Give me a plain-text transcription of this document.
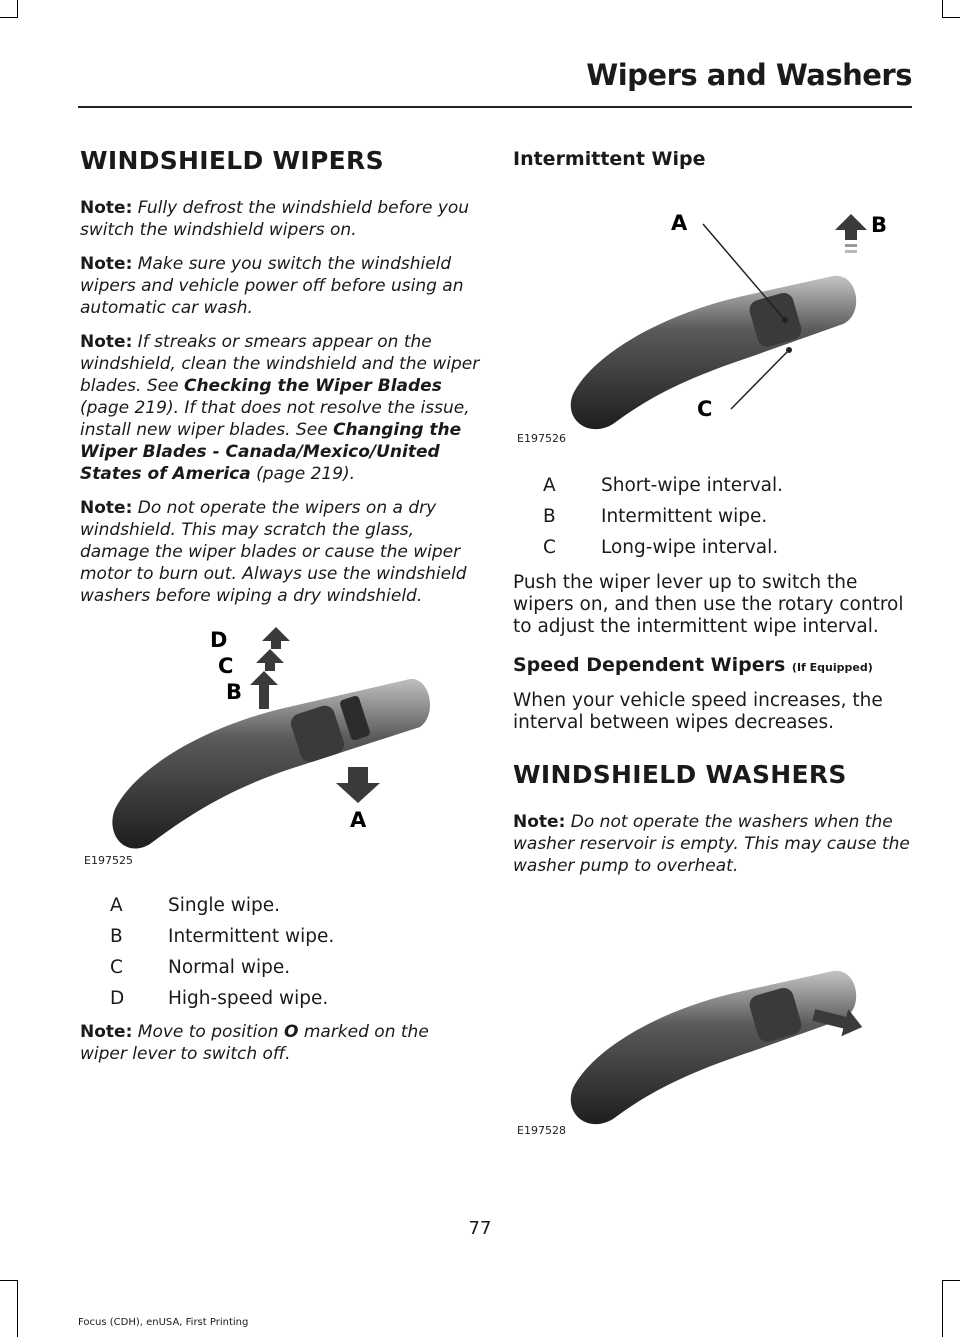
Wipers and Washers
WINDSHIELD WIPERS

Note: Fully defrost the windshield before you switch the windshield wipers on.

Note: Make sure you switch the windshield wipers and vehicle power off before using an automatic car wash.

Note: If streaks or smears appear on the windshield, clean the windshield and the wiper blades. See Checking the Wiper Blades (page 219). If that does not resolve the issue, install new wiper blades. See Changing the Wiper Blades - Canada/Mexico/United States of America (page 219).

Note: Do not operate the wipers on a dry windshield. This may scratch the glass, damage the wiper blades or cause the wiper motor to burn out. Always use the windshield washers before wiping a dry windshield.

D
C
B
A
E197525
A	Single wipe.
B	Intermittent wipe.
C	Normal wipe.
D	High-speed wipe.

Note: Move to position O marked on the wiper lever to switch off.

Intermittent Wipe
A	B
C
E197526
A	Short-wipe interval.
B	Intermittent wipe.
C	Long-wipe interval.

Push the wiper lever up to switch the wipers on, and then use the rotary control to adjust the intermittent wipe interval.

Speed Dependent Wipers (If Equipped)

When your vehicle speed increases, the interval between wipes decreases.

WINDSHIELD WASHERS

Note: Do not operate the washers when the washer reservoir is empty. This may cause the washer pump to overheat.

E197528
77
Focus (CDH), enUSA, First Printing
